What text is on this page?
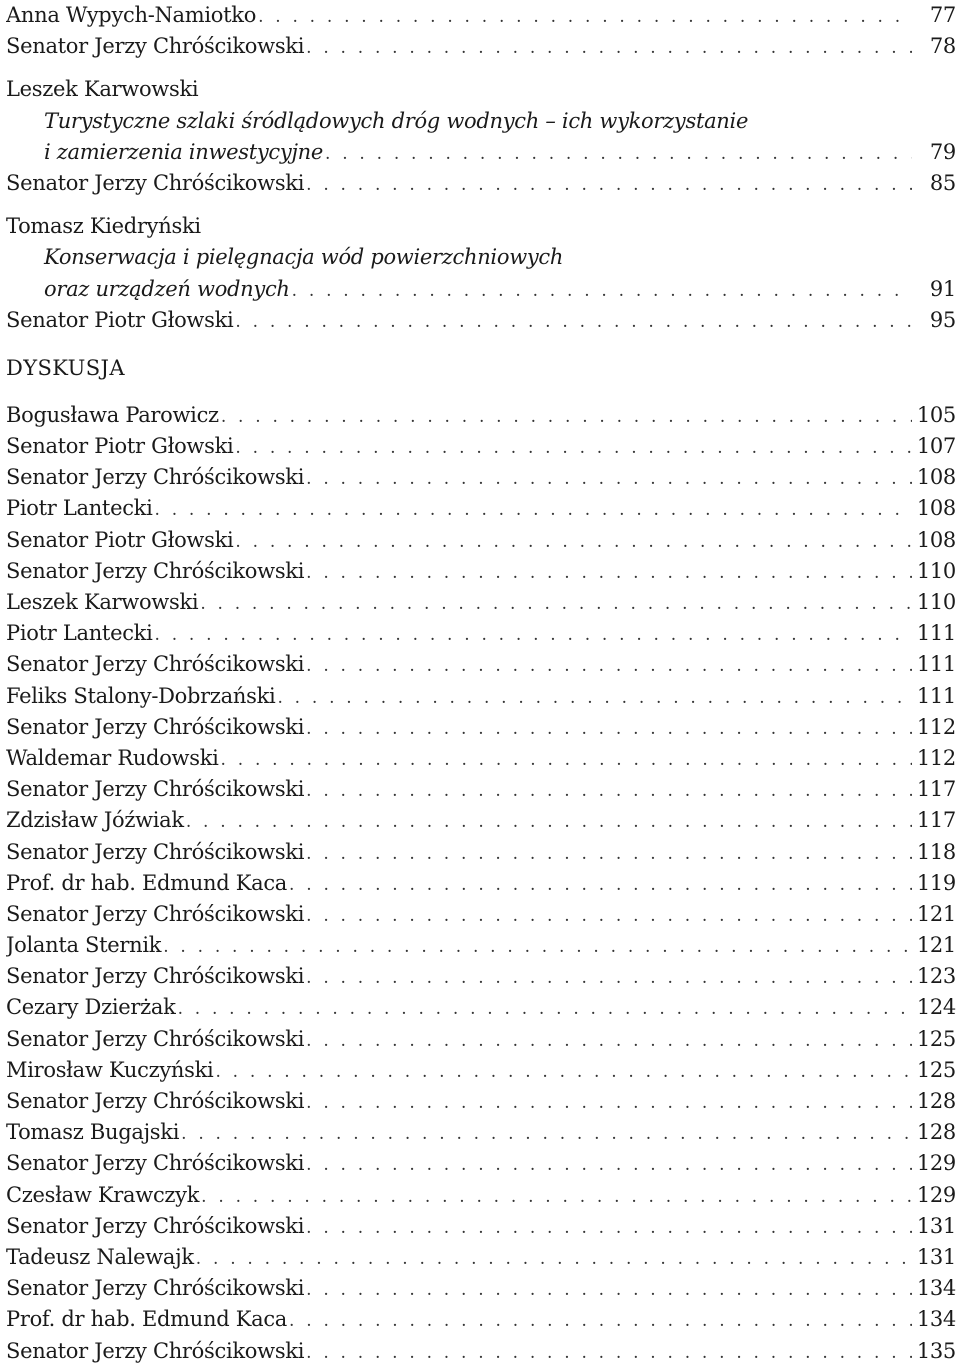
Anna Wypych-Namiotko . . .	77
Senator Jerzy Chróścikowski . . .	78
Leszek Karwowski
Turystyczne szlaki śródlądowych dróg wodnych – ich wykorzystanie
i zamierzenia inwestycyjne . . .	79
Senator Jerzy Chróścikowski . . .	85
Tomasz Kiedryński
Konserwacja i pielęgnacja wód powierzchniowych
oraz urządzeń wodnych . . .	91
Senator Piotr Głowski . . .	95
DYSKUSJA
Bogusława Parowicz . . .	105
Senator Piotr Głowski . . .	107
Senator Jerzy Chróścikowski . . .	108
Piotr Lantecki . . .	108
Senator Piotr Głowski . . .	108
Senator Jerzy Chróścikowski . . .	110
Leszek Karwowski . . .	110
Piotr Lantecki . . .	111
Senator Jerzy Chróścikowski . . .	111
Feliks Stalony-Dobrzański . . .	111
Senator Jerzy Chróścikowski . . .	112
Waldemar Rudowski . . .	112
Senator Jerzy Chróścikowski . . .	117
Zdzisław Jóźwiak . . .	117
Senator Jerzy Chróścikowski . . .	118
Prof. dr hab. Edmund Kaca . . .	119
Senator Jerzy Chróścikowski . . .	121
Jolanta Sternik . . .	121
Senator Jerzy Chróścikowski . . .	123
Cezary Dzierżak . . .	124
Senator Jerzy Chróścikowski . . .	125
Mirosław Kuczyński . . .	125
Senator Jerzy Chróścikowski . . .	128
Tomasz Bugajski . . .	128
Senator Jerzy Chróścikowski . . .	129
Czesław Krawczyk . . .	129
Senator Jerzy Chróścikowski . . .	131
Tadeusz Nalewajk . . .	131
Senator Jerzy Chróścikowski . . .	134
Prof. dr hab. Edmund Kaca . . .	134
Senator Jerzy Chróścikowski . . .	135
